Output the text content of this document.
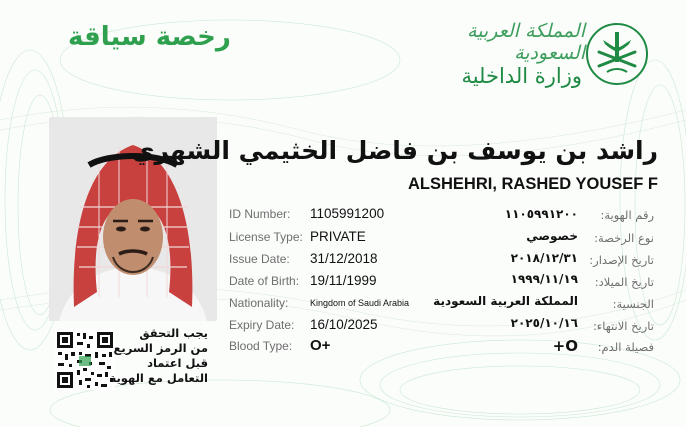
رخصة سياقة	المملكة العربية السعودية
وزارة الداخلية
يجب التحقق
من الرمز السريع
قبل اعتماد
التعامل مع الهوية
راشد بن يوسف بن فاضل الخثيمي الشهري
ALSHEHRI, RASHED YOUSEF F
ID Number: 1105991200	١١٠٥٩٩١٢٠٠	رقم الهوية:
License Type: PRIVATE	خصوصي	نوع الرخصة:
Issue Date: 31/12/2018	٢٠١٨/١٢/٣١ تاريخ الإصدار:
Date of Birth: 19/11/1999	١٩٩٩/١١/١٩	تاريخ الميلاد:
Nationality: Kingdom of Saudi Arabia	المملكة العربية السعودية	الجنسية:
Expiry Date: 16/10/2025	٢٠٢٥/١٠/١٦	تاريخ الانتهاء:
Blood Type: O+	O+	فصيلة الدم:
